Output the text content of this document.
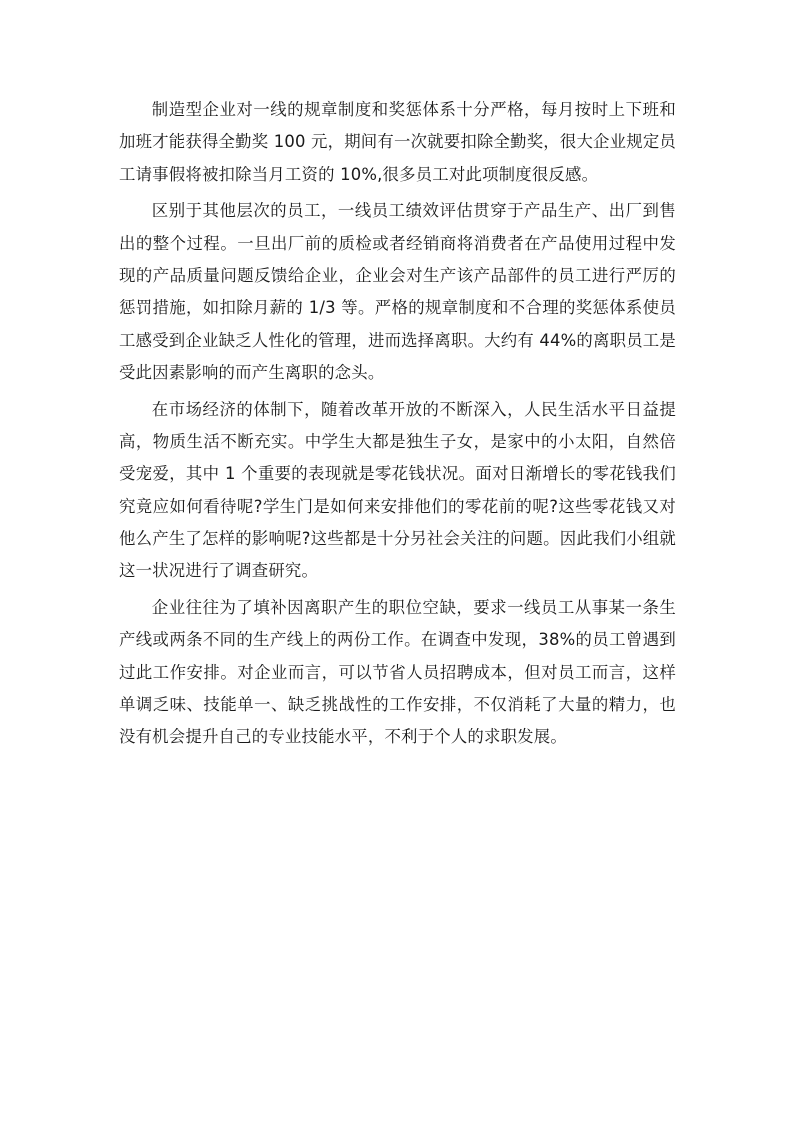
制造型企业对一线的规章制度和奖惩体系十分严格，每月按时上下班和加班才能获得全勤奖 100 元，期间有一次就要扣除全勤奖，很大企业规定员工请事假将被扣除当月工资的 10%,很多员工对此项制度很反感。

区别于其他层次的员工，一线员工绩效评估贯穿于产品生产、出厂到售出的整个过程。一旦出厂前的质检或者经销商将消费者在产品使用过程中发现的产品质量问题反馈给企业，企业会对生产该产品部件的员工进行严厉的惩罚措施，如扣除月薪的 1/3 等。严格的规章制度和不合理的奖惩体系使员工感受到企业缺乏人性化的管理，进而选择离职。大约有 44%的离职员工是受此因素影响的而产生离职的念头。

在市场经济的体制下，随着改革开放的不断深入，人民生活水平日益提高，物质生活不断充实。中学生大都是独生子女，是家中的小太阳，自然倍受宠爱，其中 1 个重要的表现就是零花钱状况。面对日渐增长的零花钱我们究竟应如何看待呢?学生门是如何来安排他们的零花前的呢?这些零花钱又对他么产生了怎样的影响呢?这些都是十分另社会关注的问题。因此我们小组就这一状况进行了调查研究。

企业往往为了填补因离职产生的职位空缺，要求一线员工从事某一条生产线或两条不同的生产线上的两份工作。在调查中发现，38%的员工曾遇到过此工作安排。对企业而言，可以节省人员招聘成本，但对员工而言，这样单调乏味、技能单一、缺乏挑战性的工作安排，不仅消耗了大量的精力，也没有机会提升自己的专业技能水平，不利于个人的求职发展。
